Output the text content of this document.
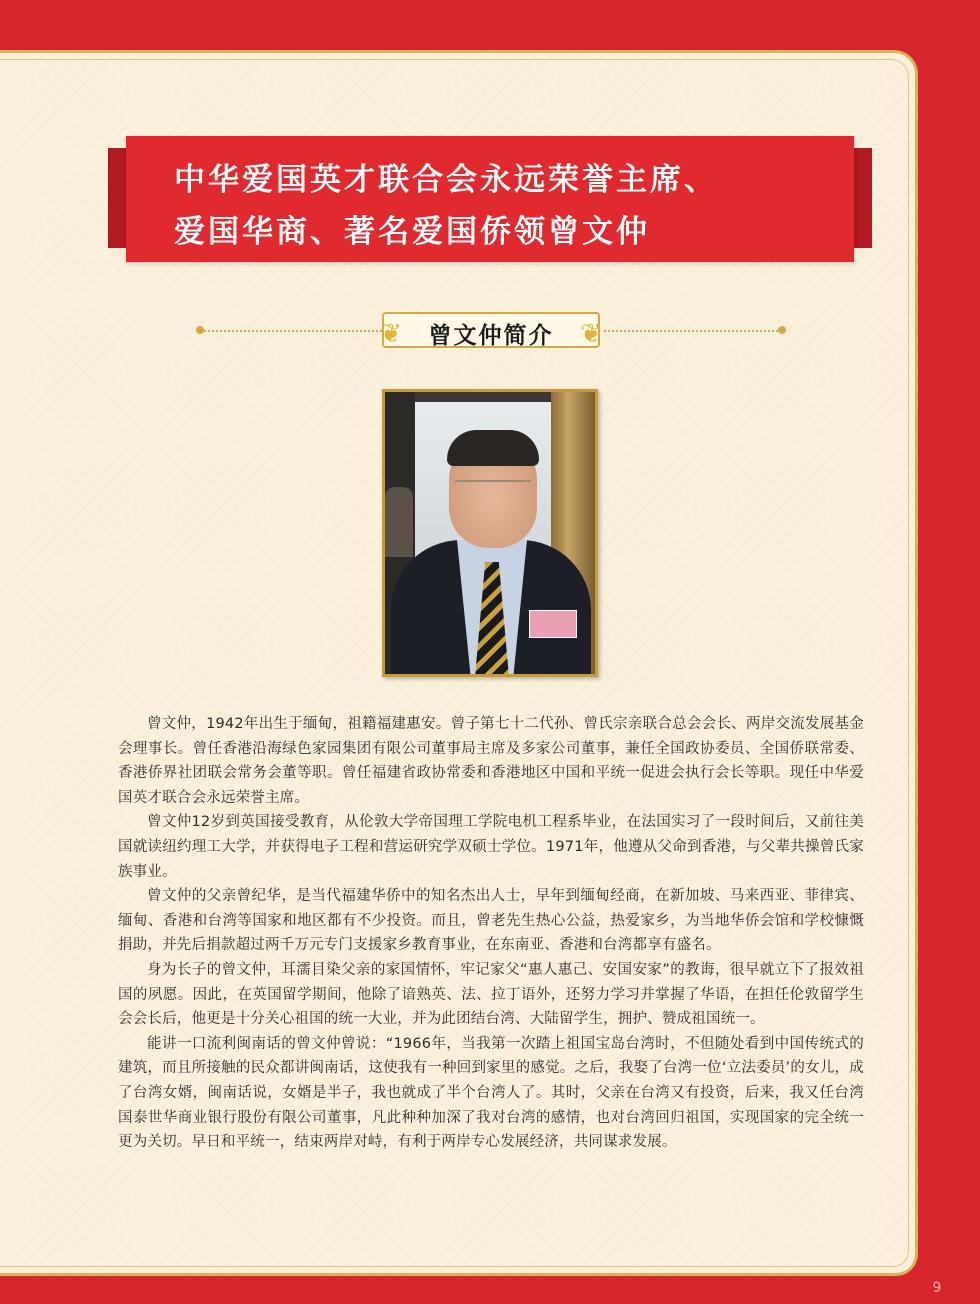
中华爱国英才联合会永远荣誉主席、
爱国华商、著名爱国侨领曾文仲
❦	曾文仲简介	❦

曾文仲，1942年出生于缅甸，祖籍福建惠安。曾子第七十二代孙、曾氏宗亲联合总会会长、两岸交流发展基金会理事长。曾任香港沿海绿色家园集团有限公司董事局主席及多家公司董事，兼任全国政协委员、全国侨联常委、香港侨界社团联会常务会董等职。曾任福建省政协常委和香港地区中国和平统一促进会执行会长等职。现任中华爱国英才联合会永远荣誉主席。

曾文仲12岁到英国接受教育，从伦敦大学帝国理工学院电机工程系毕业，在法国实习了一段时间后，又前往美国就读纽约理工大学，并获得电子工程和营运研究学双硕士学位。1971年，他遵从父命到香港，与父辈共操曾氏家族事业。

曾文仲的父亲曾纪华，是当代福建华侨中的知名杰出人士，早年到缅甸经商，在新加坡、马来西亚、菲律宾、缅甸、香港和台湾等国家和地区都有不少投资。而且，曾老先生热心公益，热爱家乡，为当地华侨会馆和学校慷慨捐助，并先后捐款超过两千万元专门支援家乡教育事业，在东南亚、香港和台湾都享有盛名。

身为长子的曾文仲，耳濡目染父亲的家国情怀，牢记家父“惠人惠己、安国安家”的教诲，很早就立下了报效祖国的夙愿。因此，在英国留学期间，他除了谙熟英、法、拉丁语外，还努力学习并掌握了华语，在担任伦敦留学生会会长后，他更是十分关心祖国的统一大业，并为此团结台湾、大陆留学生，拥护、赞成祖国统一。

能讲一口流利闽南话的曾文仲曾说：“1966年，当我第一次踏上祖国宝岛台湾时，不但随处看到中国传统式的建筑，而且所接触的民众都讲闽南话，这使我有一种回到家里的感觉。之后，我娶了台湾一位‘立法委员’的女儿，成了台湾女婿，闽南话说，女婿是半子，我也就成了半个台湾人了。其时，父亲在台湾又有投资，后来，我又任台湾国泰世华商业银行股份有限公司董事，凡此种种加深了我对台湾的感情，也对台湾回归祖国，实现国家的完全统一更为关切。早日和平统一，结束两岸对峙，有利于两岸专心发展经济，共同谋求发展。

9
